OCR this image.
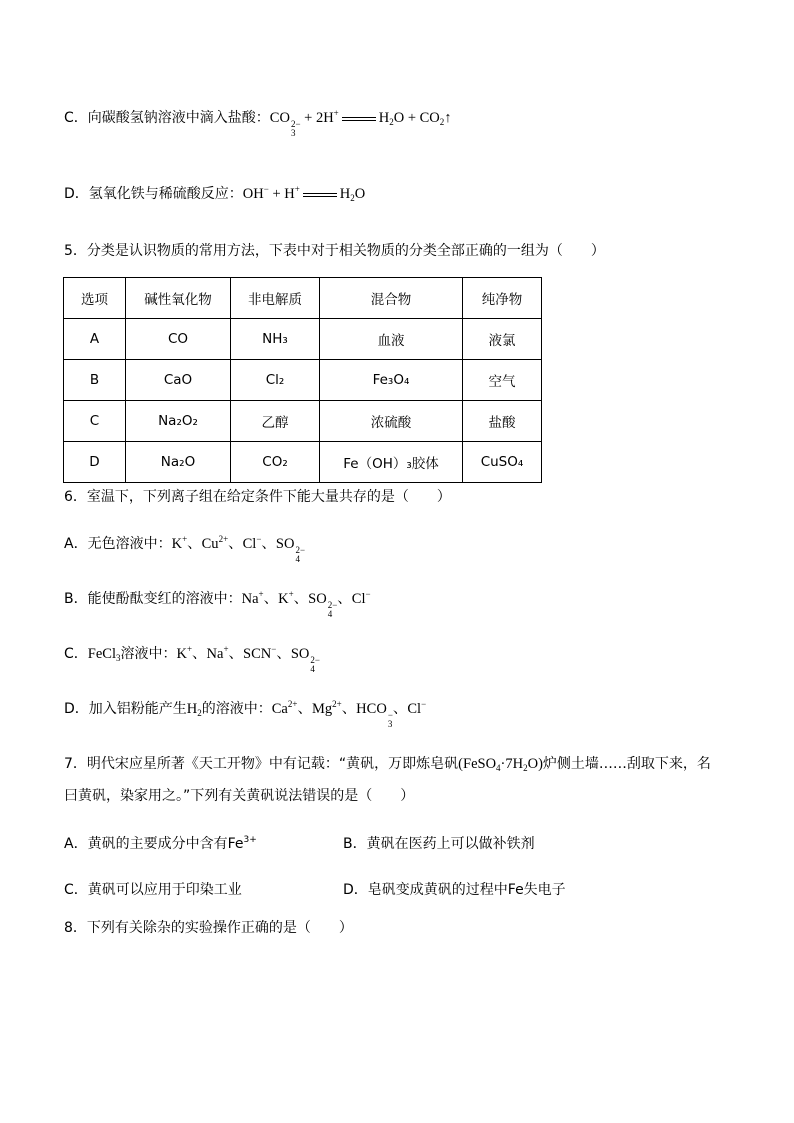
C．向碳酸氢钠溶液中滴入盐酸：CO 2−
3
+ 2H+	$H_2O$ + $CO_2↑$
D．氢氧化铁与稀硫酸反应：OH− + H+	$H_2O$
5．分类是认识物质的常用方法，下表中对于相关物质的分类全部正确的一组为（　　）
选项	碱性氧化物	非电解质	混合物	纯净物
A	CO	NH₃	血液	液氯
B	CaO	Cl₂	Fe₃O₄	空气
C	Na₂O₂	乙醇	浓硫酸	盐酸
D	Na₂O	CO₂	Fe（OH）₃胶体	CuSO₄
6．室温下，下列离子组在给定条件下能大量共存的是（　　）
A．无色溶液中：K+、$Cu^{2+}$、Cl−、SO 2−
4
B．能使酚酞变红的溶液中：Na+、K+、SO 2−
4
、Cl−
C．FeCl$_3$溶液中：K+、Na+、SCN−、SO 2−
4
D．加入铝粉能产生$H_2$的溶液中：$Ca^{2+}$、$Mg^{2+}$、HCO −
3
、Cl−
7．明代宋应星所著《天工开物》中有记载：“黄矾，万即炼皂矾$(FeSO_4\cdot 7H_2O)$炉侧土墙……刮取下来，名
曰黄矾，染家用之。”下列有关黄矾说法错误的是（　　）
A．黄矾的主要成分中含有$Fe^{3+}$	B．黄矾在医药上可以做补铁剂
C．黄矾可以应用于印染工业	D．皂矾变成黄矾的过程中Fe失电子
8．下列有关除杂的实验操作正确的是（　　）
